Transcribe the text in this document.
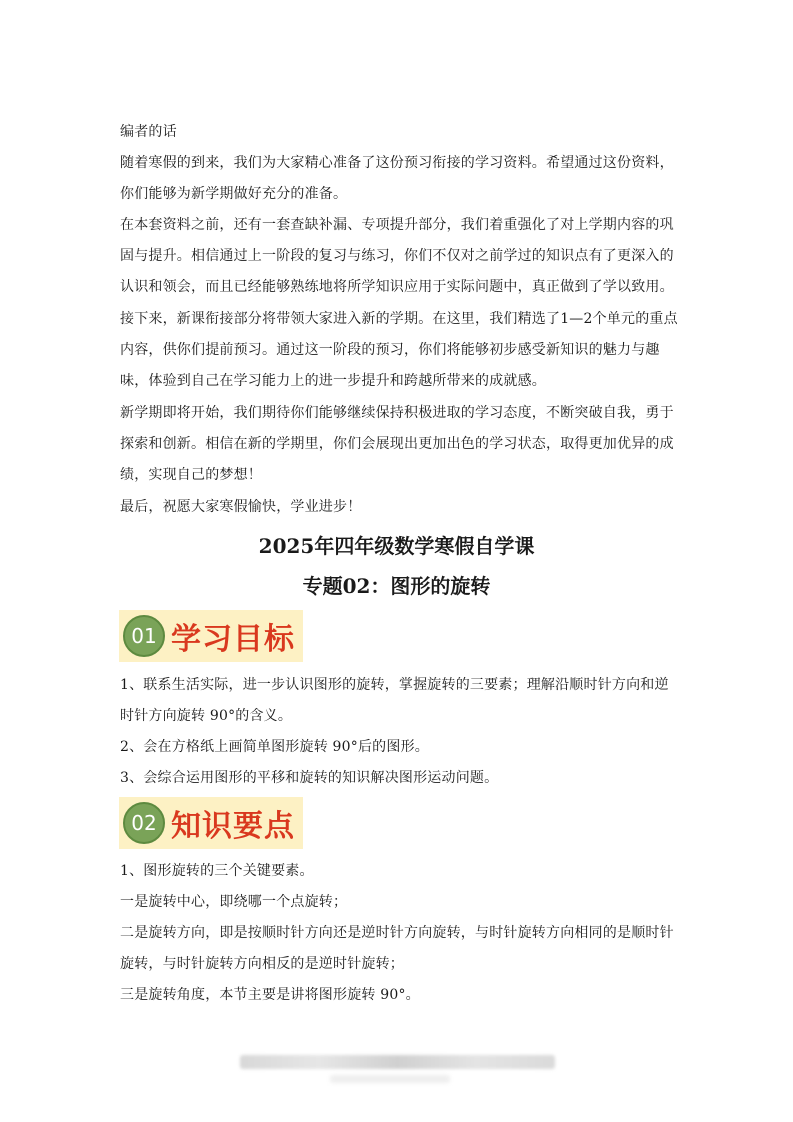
编者的话

随着寒假的到来，我们为大家精心准备了这份预习衔接的学习资料。希望通过这份资料，你们能够为新学期做好充分的准备。

在本套资料之前，还有一套查缺补漏、专项提升部分，我们着重强化了对上学期内容的巩固与提升。相信通过上一阶段的复习与练习，你们不仅对之前学过的知识点有了更深入的认识和领会，而且已经能够熟练地将所学知识应用于实际问题中，真正做到了学以致用。

接下来，新课衔接部分将带领大家进入新的学期。在这里，我们精选了1—2个单元的重点内容，供你们提前预习。通过这一阶段的预习，你们将能够初步感受新知识的魅力与趣味，体验到自己在学习能力上的进一步提升和跨越所带来的成就感。

新学期即将开始，我们期待你们能够继续保持积极进取的学习态度，不断突破自我，勇于探索和创新。相信在新的学期里，你们会展现出更加出色的学习状态，取得更加优异的成绩，实现自己的梦想！

最后，祝愿大家寒假愉快，学业进步！

2025年四年级数学寒假自学课
专题02：图形的旋转
01 学习目标

1、联系生活实际，进一步认识图形的旋转，掌握旋转的三要素；理解沿顺时针方向和逆时针方向旋转 90°的含义。

2、会在方格纸上画简单图形旋转 90°后的图形。

3、会综合运用图形的平移和旋转的知识解决图形运动问题。

02 知识要点

1、图形旋转的三个关键要素。

一是旋转中心，即绕哪一个点旋转；

二是旋转方向，即是按顺时针方向还是逆时针方向旋转，与时针旋转方向相同的是顺时针旋转，与时针旋转方向相反的是逆时针旋转；

三是旋转角度，本节主要是讲将图形旋转 90°。
